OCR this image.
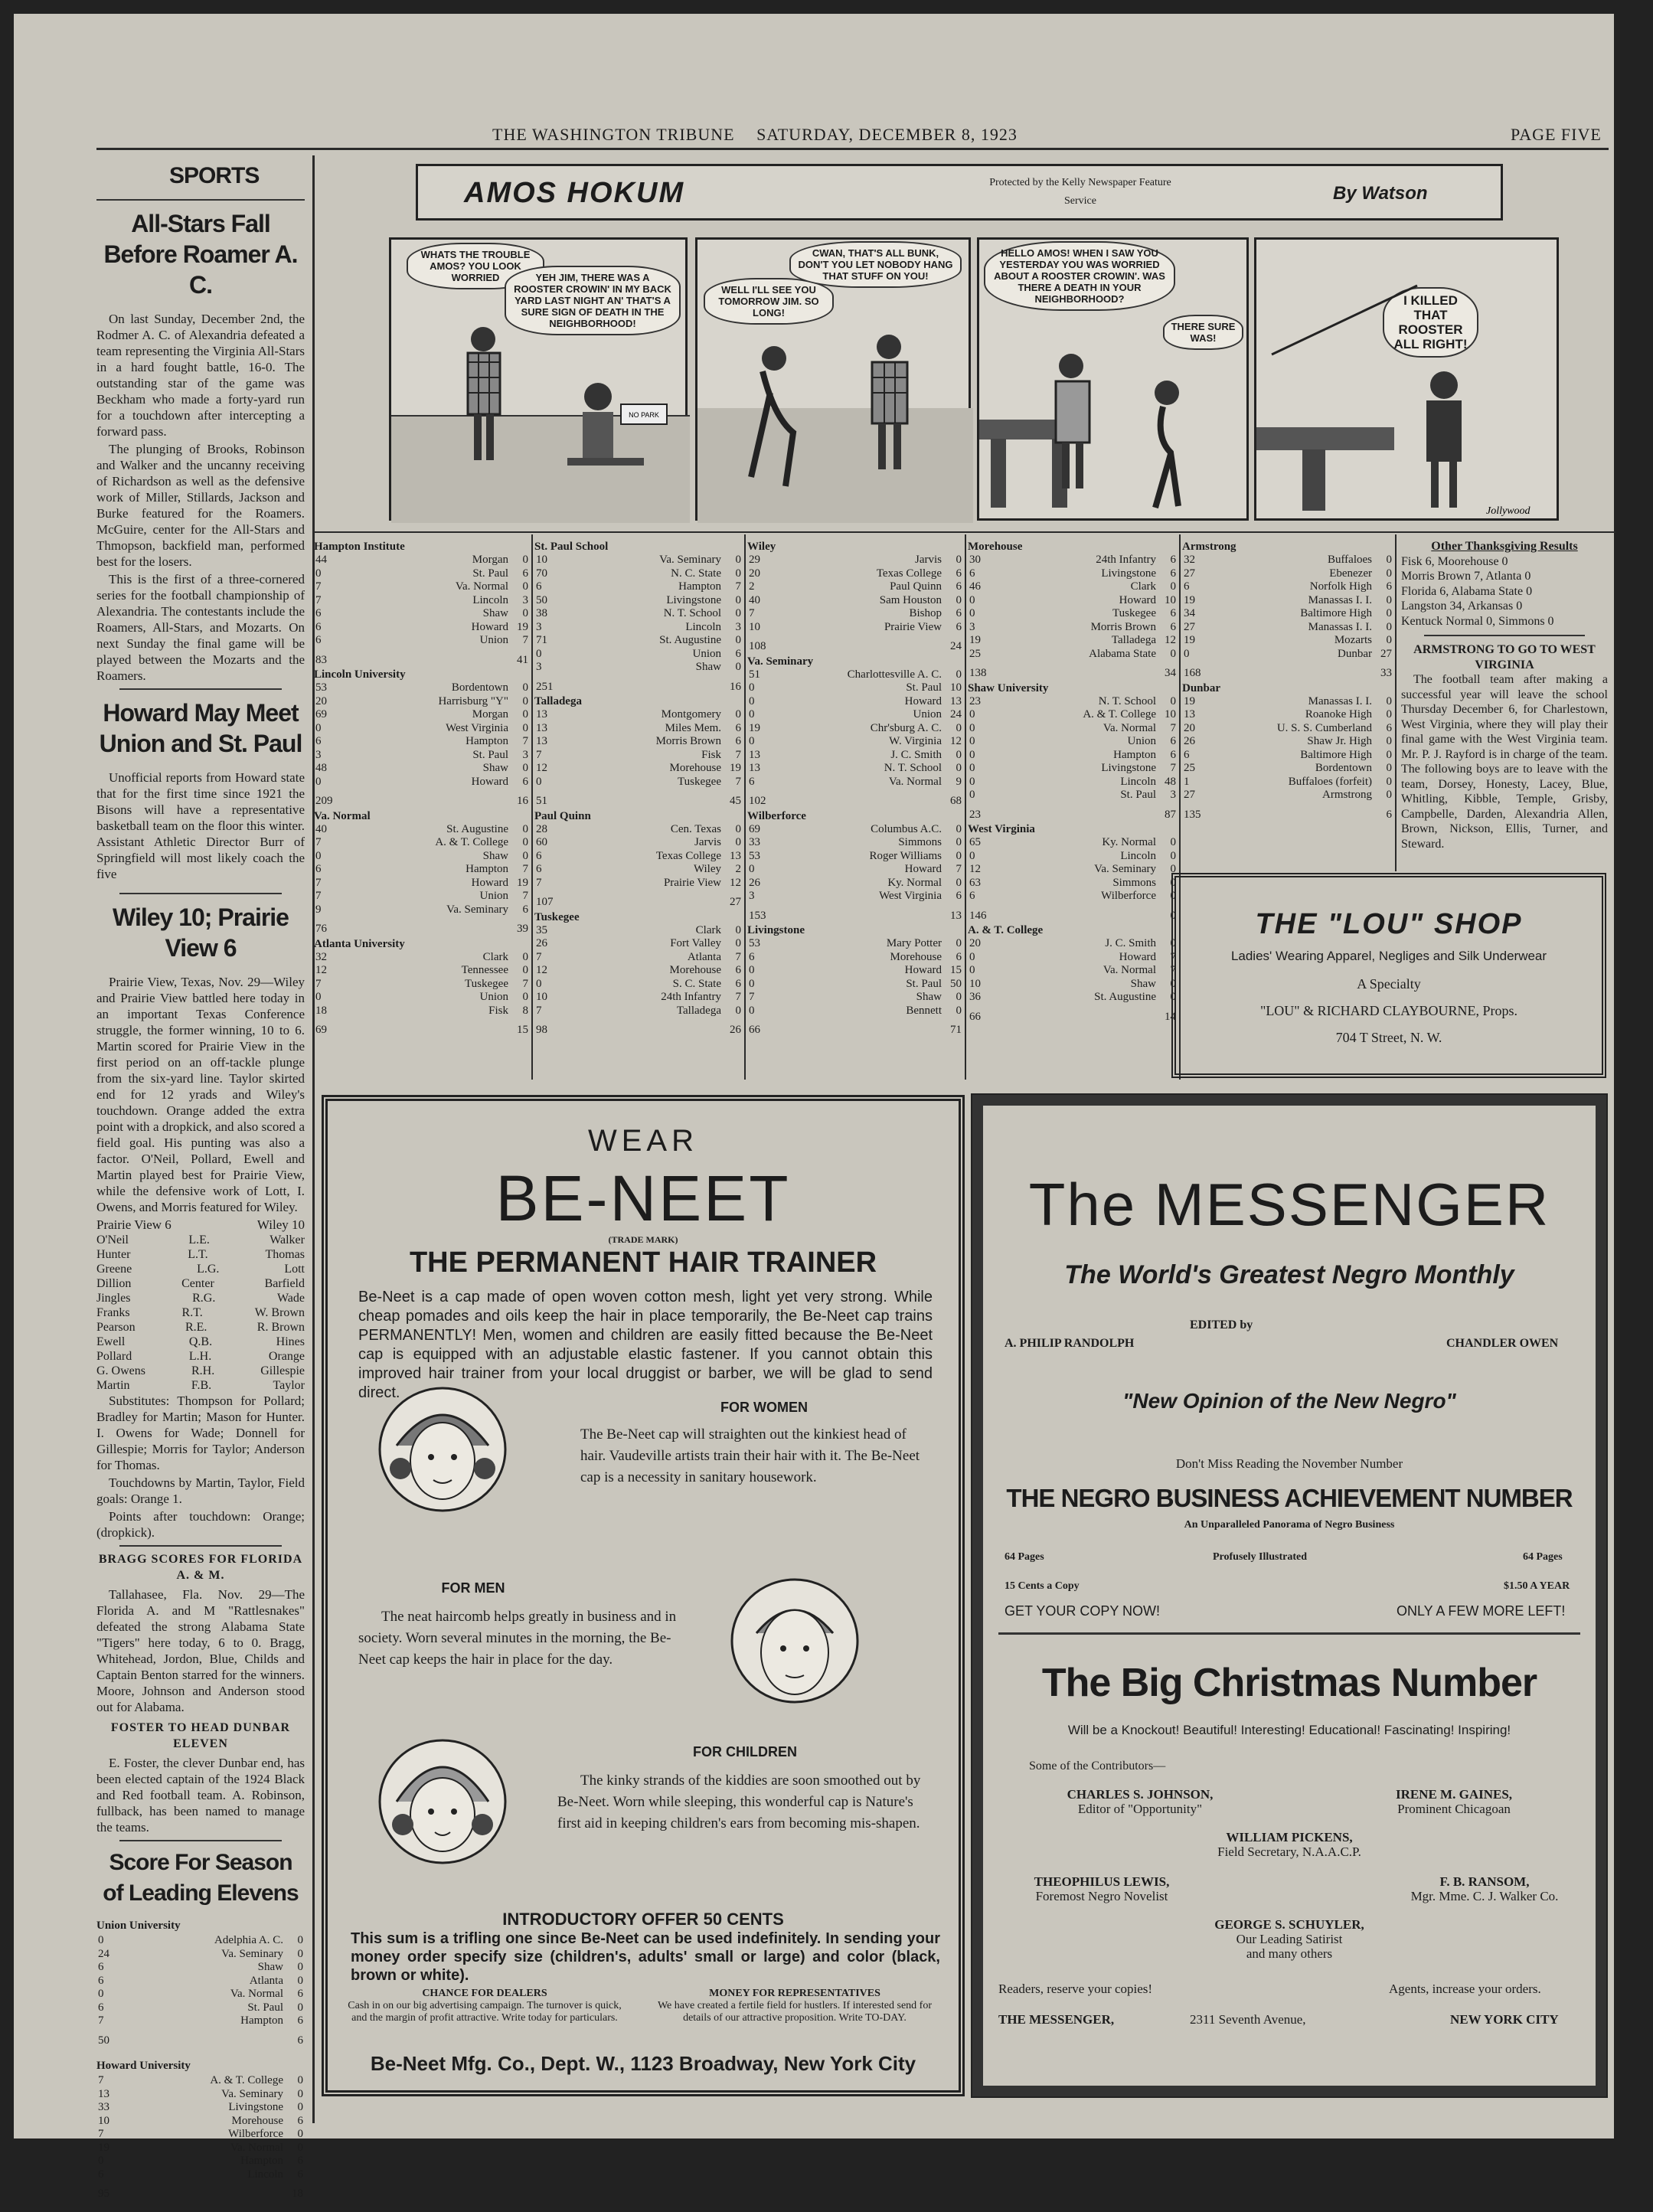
THE WASHINGTON TRIBUNE SATURDAY, DECEMBER 8, 1923	PAGE FIVE
SPORTS
All-Stars Fall Before Roamer A. C.

On last Sunday, December 2nd, the Rodmer A. C. of Alexandria defeated a team representing the Virginia All-Stars in a hard fought battle, 16-0. The outstanding star of the game was Beckham who made a forty-yard run for a touchdown after intercepting a forward pass.

The plunging of Brooks, Robinson and Walker and the uncanny receiving of Richardson as well as the defensive work of Miller, Stillards, Jackson and Burke featured for the Roamers. McGuire, center for the All-Stars and Thmopson, backfield man, performed best for the losers.

This is the first of a three-cornered series for the football championship of Alexandria. The contestants include the Roamers, All-Stars, and Mozarts. On next Sunday the final game will be played between the Mozarts and the Roamers.

Howard May Meet Union and St. Paul

Unofficial reports from Howard state that for the first time since 1921 the Bisons will have a representative basketball team on the floor this winter. Assistant Athletic Director Burr of Springfield will most likely coach the five

Wiley 10; Prairie View 6

Prairie View, Texas, Nov. 29—Wiley and Prairie View battled here today in an important Texas Conference struggle, the former winning, 10 to 6. Martin scored for Prairie View in the first period on an off-tackle plunge from the six-yard line. Taylor skirted end for 12 yrads and Wiley's touchdown. Orange added the extra point with a dropkick, and also scored a field goal. His punting was also a factor. O'Neil, Pollard, Ewell and Martin played best for Prairie View, while the defensive work of Lott, I. Owens, and Morris featured for Wiley.

Prairie View 6	Wiley 10
O'Neil	L.E.	Walker
Hunter	L.T.	Thomas
Greene	L.G.	Lott
Dillion	Center	Barfield
Jingles	R.G.	Wade
Franks	R.T.	W. Brown
Pearson	R.E.	R. Brown
Ewell	Q.B.	Hines
Pollard	L.H.	Orange
G. Owens	R.H.	Gillespie
Martin	F.B.	Taylor

Substitutes: Thompson for Pollard; Bradley for Martin; Mason for Hunter. I. Owens for Wade; Donnell for Gillespie; Morris for Taylor; Anderson for Thomas.

Touchdowns by Martin, Taylor, Field goals: Orange 1.

Points after touchdown: Orange; (dropkick).

BRAGG SCORES FOR FLORIDA A. & M.

Tallahasee, Fla. Nov. 29—The Florida A. and M "Rattlesnakes" defeated the strong Alabama State "Tigers" here today, 6 to 0. Bragg, Whitehead, Jordon, Blue, Childs and Captain Benton starred for the winners. Moore, Johnson and Anderson stood out for Alabama.

FOSTER TO HEAD DUNBAR ELEVEN

E. Foster, the clever Dunbar end, has been elected captain of the 1924 Black and Red football team. A. Robinson, fullback, has been named to manage the teams.

Score For Season of Leading Elevens
Union University
0	Adelphia A. C.	0
24	Va. Seminary	0
6	Shaw	0
6	Atlanta	0
0	Va. Normal	6
6	St. Paul	0
7	Hampton	6
50		6
Howard University
7	A. & T. College	0
13	Va. Seminary	0
33	Livingstone	0
10	Morehouse	6
7	Wilberforce	0
19	Va. Normal	0
0	Hampton	6
6	Lincoln	6
95		18
AMOS HOKUM	Protected by the Kelly Newspaper Feature Service	By Watson
WHATS THE TROUBLE AMOS? YOU LOOK WORRIED	YEH JIM, THERE WAS A ROOSTER CROWIN' IN MY BACK YARD LAST NIGHT AN' THAT'S A SURE SIGN OF DEATH IN THE NEIGHBORHOOD!
NO PARK
WELL I'LL SEE YOU TOMORROW JIM. SO LONG!
CWAN, THAT'S ALL BUNK, DON'T YOU LET NOBODY HANG THAT STUFF ON YOU!
HELLO AMOS! WHEN I SAW YOU YESTERDAY YOU WAS WORRIED ABOUT A ROOSTER CROWIN'. WAS THERE A DEATH IN YOUR NEIGHBORHOOD?
THERE SURE WAS!
I KILLED THAT ROOSTER ALL RIGHT!
Jollywood
Hampton Institute
44	Morgan	0
0	St. Paul	6
7	Va. Normal	0
7	Lincoln	3
6	Shaw	0
6	Howard	19
6	Union	7
83		41
Lincoln University
53	Bordentown	0
20	Harrisburg "Y"	0
69	Morgan	0
0	West Virginia	0
6	Hampton	7
3	St. Paul	3
48	Shaw	0
0	Howard	6
209		16
Va. Normal
40	St. Augustine	0
7	A. & T. College	0
0	Shaw	0
6	Hampton	7
7	Howard	19
7	Union	7
9	Va. Seminary	6
76		39
Atlanta University
32	Clark	0
12	Tennessee	0
7	Tuskegee	7
0	Union	0
18	Fisk	8
69		15
St. Paul School
10	Va. Seminary	0
70	N. C. State	0
6	Hampton	7
50	Livingstone	0
38	N. T. School	0
3	Lincoln	3
71	St. Augustine	0
0	Union	6
3	Shaw	0
251		16
Talladega
13	Montgomery	0
13	Miles Mem.	6
13	Morris Brown	6
7	Fisk	7
12	Morehouse	19
0	Tuskegee	7
51		45
Paul Quinn
28	Cen. Texas	0
60	Jarvis	0
6	Texas College	13
6	Wiley	2
7	Prairie View	12
107		27
Tuskegee
35	Clark	0
26	Fort Valley	0
7	Atlanta	7
12	Morehouse	6
0	S. C. State	6
10	24th Infantry	7
7	Talladega	0
98		26
Wiley
29	Jarvis	0
20	Texas College	6
2	Paul Quinn	6
40	Sam Houston	0
7	Bishop	6
10	Prairie View	6
108		24
Va. Seminary
51	Charlottesville A. C.	0
0	St. Paul	10
0	Howard	13
0	Union	24
19	Chr'sburg A. C.	0
0	W. Virginia	12
13	J. C. Smith	0
13	N. T. School	0
6	Va. Normal	9
102		68
Wilberforce
69	Columbus A.C.	0
33	Simmons	0
53	Roger Williams	0
0	Howard	7
26	Ky. Normal	0
3	West Virginia	6
153		13
Livingstone
53	Mary Potter	0
6	Morehouse	6
0	Howard	15
0	St. Paul	50
7	Shaw	0
0	Bennett	0
66		71
Morehouse
30	24th Infantry	6
6	Livingstone	6
46	Clark	0
0	Howard	10
0	Tuskegee	6
3	Morris Brown	6
19	Talladega	12
25	Alabama State	0
138		34
Shaw University
23	N. T. School	0
0	A. & T. College	10
0	Va. Normal	7
0	Union	6
0	Hampton	6
0	Livingstone	7
0	Lincoln	48
0	St. Paul	3
23		87
West Virginia
65	Ky. Normal	0
0	Lincoln	0
12	Va. Seminary	0
63	Simmons	0
6	Wilberforce	0
146		0
A. & T. College
20	J. C. Smith	0
0	Howard	7
0	Va. Normal	7
10	Shaw	0
36	St. Augustine	0
66		14
Armstrong
32	Buffaloes	0
27	Ebenezer	0
6	Norfolk High	6
19	Manassas I. I.	0
34	Baltimore High	0
27	Manassas I. I.	0
19	Mozarts	0
0	Dunbar	27
168		33
Dunbar
19	Manassas I. I.	0
13	Roanoke High	0
20	U. S. S. Cumberland	6
26	Shaw Jr. High	0
6	Baltimore High	0
25	Bordentown	0
1	Buffaloes (forfeit)	0
27	Armstrong	0
135		6
Other Thanksgiving Results
Fisk 6, Moorehouse 0
Morris Brown 7, Atlanta 0
Florida 6, Alabama State 0
Langston 34, Arkansas 0
Kentuck Normal 0, Simmons 0
ARMSTRONG TO GO TO WEST VIRGINIA

The football team after making a successful year will leave the school Thursday December 6, for Charlestown, West Virginia, where they will play their final game with the West Virginia team. Mr. P. J. Rayford is in charge of the team. The following boys are to leave with the team, Dorsey, Honesty, Lacey, Blue, Whitling, Kibble, Temple, Grisby, Campbelle, Darden, Alexandria Allen, Brown, Nickson, Ellis, Turner, and Steward.

THE "LOU" SHOP
Ladies' Wearing Apparel, Negliges and Silk Underwear
A Specialty
"LOU" & RICHARD CLAYBOURNE, Props.
704 T Street, N. W.
WEAR
BE-NEET
(TRADE MARK)
THE PERMANENT HAIR TRAINER
Be-Neet is a cap made of open woven cotton mesh, light yet very strong. While cheap pomades and oils keep the hair in place temporarily, the Be-Neet cap trains PERMANENTLY! Men, women and children are easily fitted because the Be-Neet cap is equipped with an adjustable elastic fastener. If you cannot obtain this improved hair trainer from your local druggist or barber, we will be glad to send direct.
FOR WOMEN
The Be-Neet cap will straighten out the kinkiest head of hair. Vaudeville artists train their hair with it. The Be-Neet cap is a necessity in sanitary housework.
FOR MEN
The neat haircomb helps greatly in business and in society. Worn several minutes in the morning, the Be-Neet cap keeps the hair in place for the day.
FOR CHILDREN
The kinky strands of the kiddies are soon smoothed out by Be-Neet. Worn while sleeping, this wonderful cap is Nature's first aid in keeping children's ears from becoming mis-shapen.
INTRODUCTORY OFFER 50 CENTS
This sum is a trifling one since Be-Neet can be used indefinitely. In sending your money order specify size (children's, adults' small or large) and color (black, brown or white).
CHANCE FOR DEALERS
Cash in on our big advertising campaign. The turnover is quick, and the margin of profit attractive. Write today for particulars.
MONEY FOR REPRESENTATIVES
We have created a fertile field for hustlers. If interested send for details of our attractive proposition. Write TO-DAY.
Be-Neet Mfg. Co., Dept. W., 1123 Broadway, New York City
The MESSENGER
The World's Greatest Negro Monthly
EDITED by
A. PHILIP RANDOLPH	CHANDLER OWEN
"New Opinion of the New Negro"
Don't Miss Reading the November Number
THE NEGRO BUSINESS ACHIEVEMENT NUMBER
An Unparalleled Panorama of Negro Business
64 Pages	Profusely Illustrated	64 Pages
15 Cents a Copy	$1.50 A YEAR
GET YOUR COPY NOW!	ONLY A FEW MORE LEFT!
The Big Christmas Number
Will be a Knockout! Beautiful! Interesting! Educational! Fascinating! Inspiring!
Some of the Contributors—
CHARLES S. JOHNSON,
Editor of "Opportunity"
IRENE M. GAINES,
Prominent Chicagoan
WILLIAM PICKENS,
Field Secretary, N.A.A.C.P.
THEOPHILUS LEWIS,
Foremost Negro Novelist
F. B. RANSOM,
Mgr. Mme. C. J. Walker Co.
GEORGE S. SCHUYLER,
Our Leading Satirist
and many others
Readers, reserve your copies!	Agents, increase your orders.
THE MESSENGER,	2311 Seventh Avenue,	NEW YORK CITY
